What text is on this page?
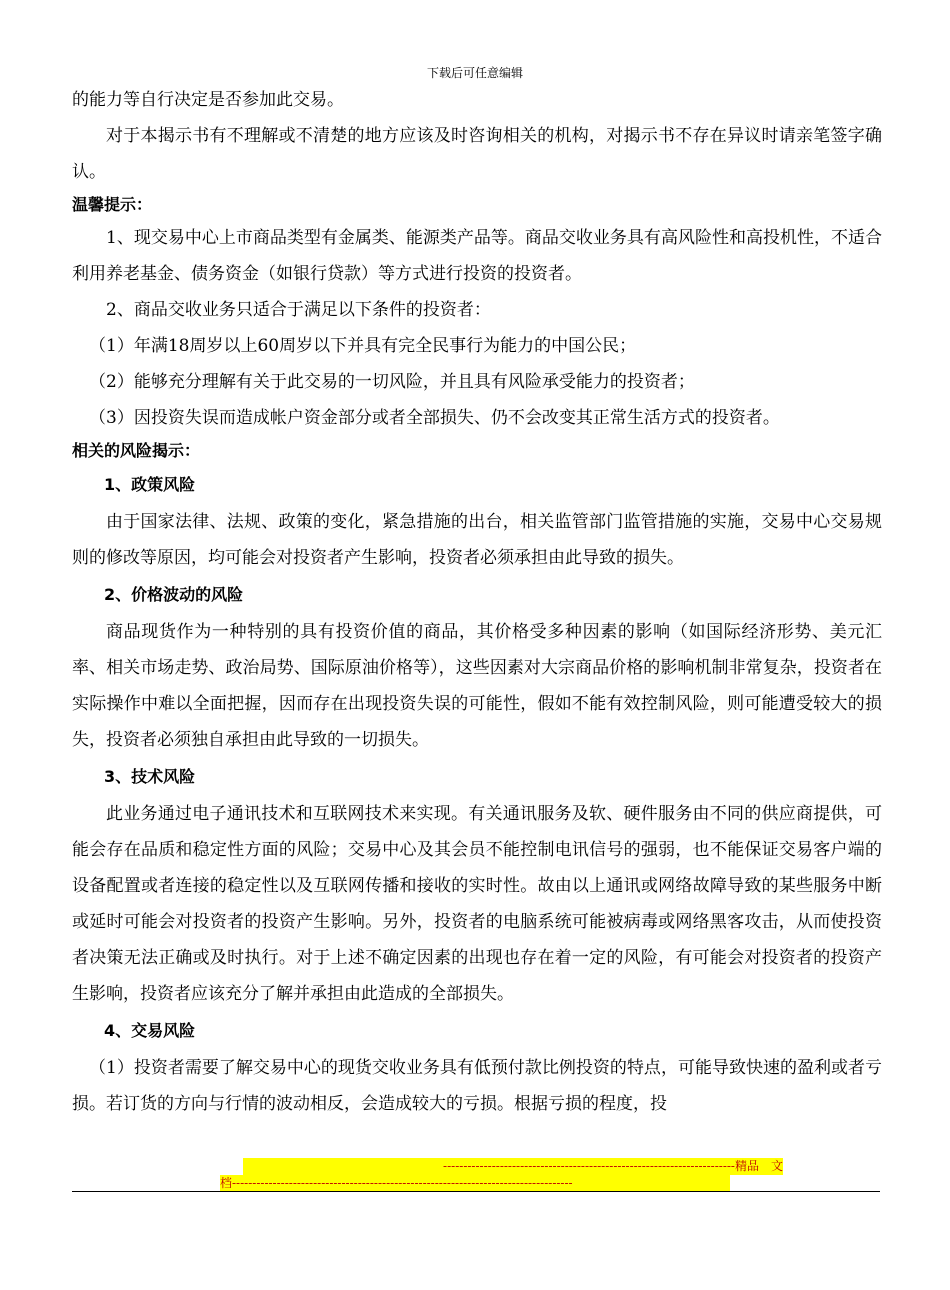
下载后可任意编辑

的能力等自行决定是否参加此交易。

对于本揭示书有不理解或不清楚的地方应该及时咨询相关的机构，对揭示书不存在异议时请亲笔签字确认。

温馨提示：

1、现交易中心上市商品类型有金属类、能源类产品等。商品交收业务具有高风险性和高投机性，不适合利用养老基金、债务资金（如银行贷款）等方式进行投资的投资者。

2、商品交收业务只适合于满足以下条件的投资者：

（1）年满18周岁以上60周岁以下并具有完全民事行为能力的中国公民；

（2）能够充分理解有关于此交易的一切风险，并且具有风险承受能力的投资者；

（3）因投资失误而造成帐户资金部分或者全部损失、仍不会改变其正常生活方式的投资者。

相关的风险揭示：

1、政策风险

由于国家法律、法规、政策的变化，紧急措施的出台，相关监管部门监管措施的实施，交易中心交易规则的修改等原因，均可能会对投资者产生影响，投资者必须承担由此导致的损失。

2、价格波动的风险

商品现货作为一种特别的具有投资价值的商品，其价格受多种因素的影响（如国际经济形势、美元汇率、相关市场走势、政治局势、国际原油价格等），这些因素对大宗商品价格的影响机制非常复杂，投资者在实际操作中难以全面把握，因而存在出现投资失误的可能性，假如不能有效控制风险，则可能遭受较大的损失，投资者必须独自承担由此导致的一切损失。

3、技术风险

此业务通过电子通讯技术和互联网技术来实现。有关通讯服务及软、硬件服务由不同的供应商提供，可能会存在品质和稳定性方面的风险；交易中心及其会员不能控制电讯信号的强弱，也不能保证交易客户端的设备配置或者连接的稳定性以及互联网传播和接收的实时性。故由以上通讯或网络故障导致的某些服务中断或延时可能会对投资者的投资产生影响。另外，投资者的电脑系统可能被病毒或网络黑客攻击，从而使投资者决策无法正确或及时执行。对于上述不确定因素的出现也存在着一定的风险，有可能会对投资者的投资产生影响，投资者应该充分了解并承担由此造成的全部损失。

4、交易风险

（1）投资者需要了解交易中心的现货交收业务具有低预付款比例投资的特点，可能导致快速的盈利或者亏损。若订货的方向与行情的波动相反，会造成较大的亏损。根据亏损的程度，投

------------------------------------------------------------------------精品　文
档------------------------------------------------------------------------------------
